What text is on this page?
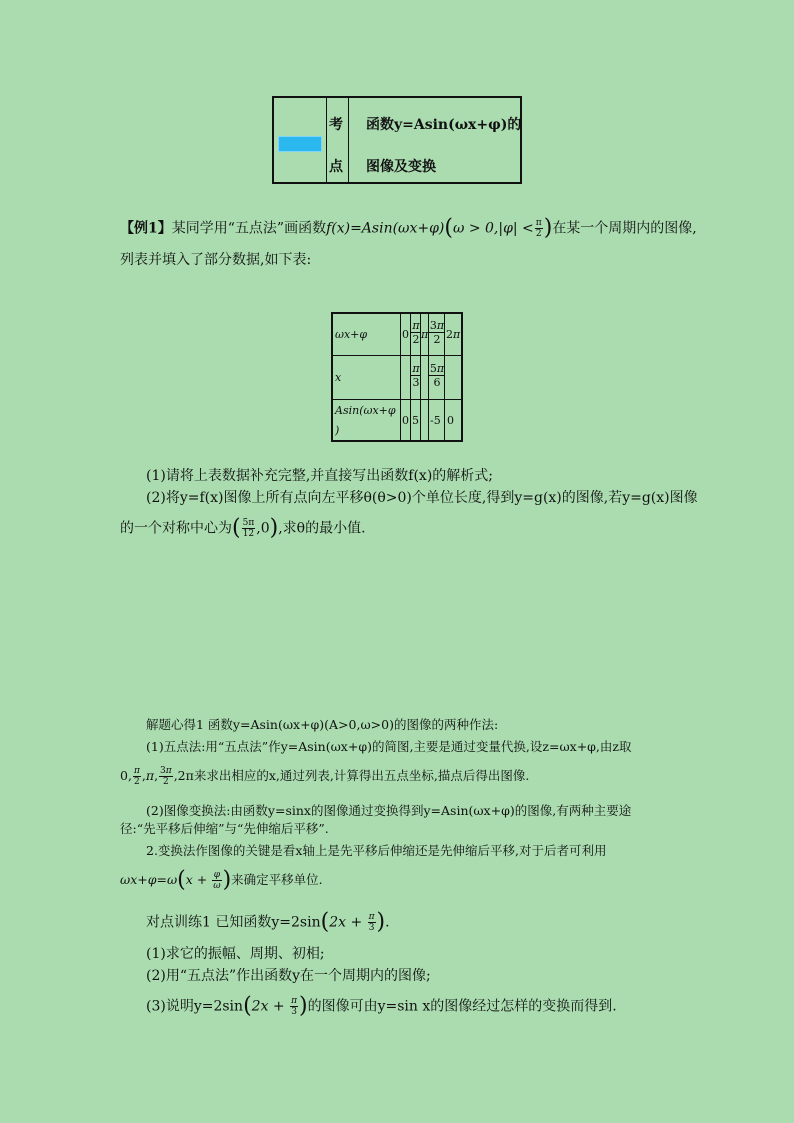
考
点
函数y=Asin(ωx+φ)的
图像及变换
【例1】某同学用“五点法”画函数$f(x)=Asin(\omega x+\varphi)(\omega > 0,|\varphi| < \frac{\pi}{2}$ )在某一个周期内的图像,
列表并填入了部分数据,如下表:
ωx+φ	0
π
2 π
3π
2 2π
x
π
3
5π
6
Asin(ωx+φ
)
0 5 -5 0
(1)请将上表数据补充完整,并直接写出函数f(x)的解析式;
(2)将y=f(x)图像上所有点向左平移θ(θ>0)个单位长度,得到y=g(x)的图像,若y=g(x)图像
的一个对称中心为( $\frac{5\pi}{12} ,0$),求θ的最小值.
解题心得1 函数y=Asin(ωx+φ)(A>0,ω>0)的图像的两种作法:
(1)五点法:用“五点法”作y=Asin(ωx+φ)的简图,主要是通过变量代换,设z=ωx+φ,由z取
0, $\frac{\pi}{2} ,\pi$, $\frac{3\pi}{2} ,2\pi$来求出相应的x,通过列表,计算得出五点坐标,描点后得出图像.
(2)图像变换法:由函数y=sinx的图像通过变换得到y=Asin(ωx+φ)的图像,有两种主要途
径:“先平移后伸缩”与“先伸缩后平移”.
2.变换法作图像的关键是看x轴上是先平移后伸缩还是先伸缩后平移,对于后者可利用
$\omega x+\varphi=\omega(x + \frac{\varphi}{\omega}$ )来确定平移单位.
对点训练1 已知函数$y=2\sin(2x + \frac{\pi}{3}$ ).
(1)求它的振幅、周期、初相;
(2)用“五点法”作出函数y在一个周期内的图像;
(3)说明$y=2\sin(2x + \frac{\pi}{3}$ )的图像可由y=sin x的图像经过怎样的变换而得到.
